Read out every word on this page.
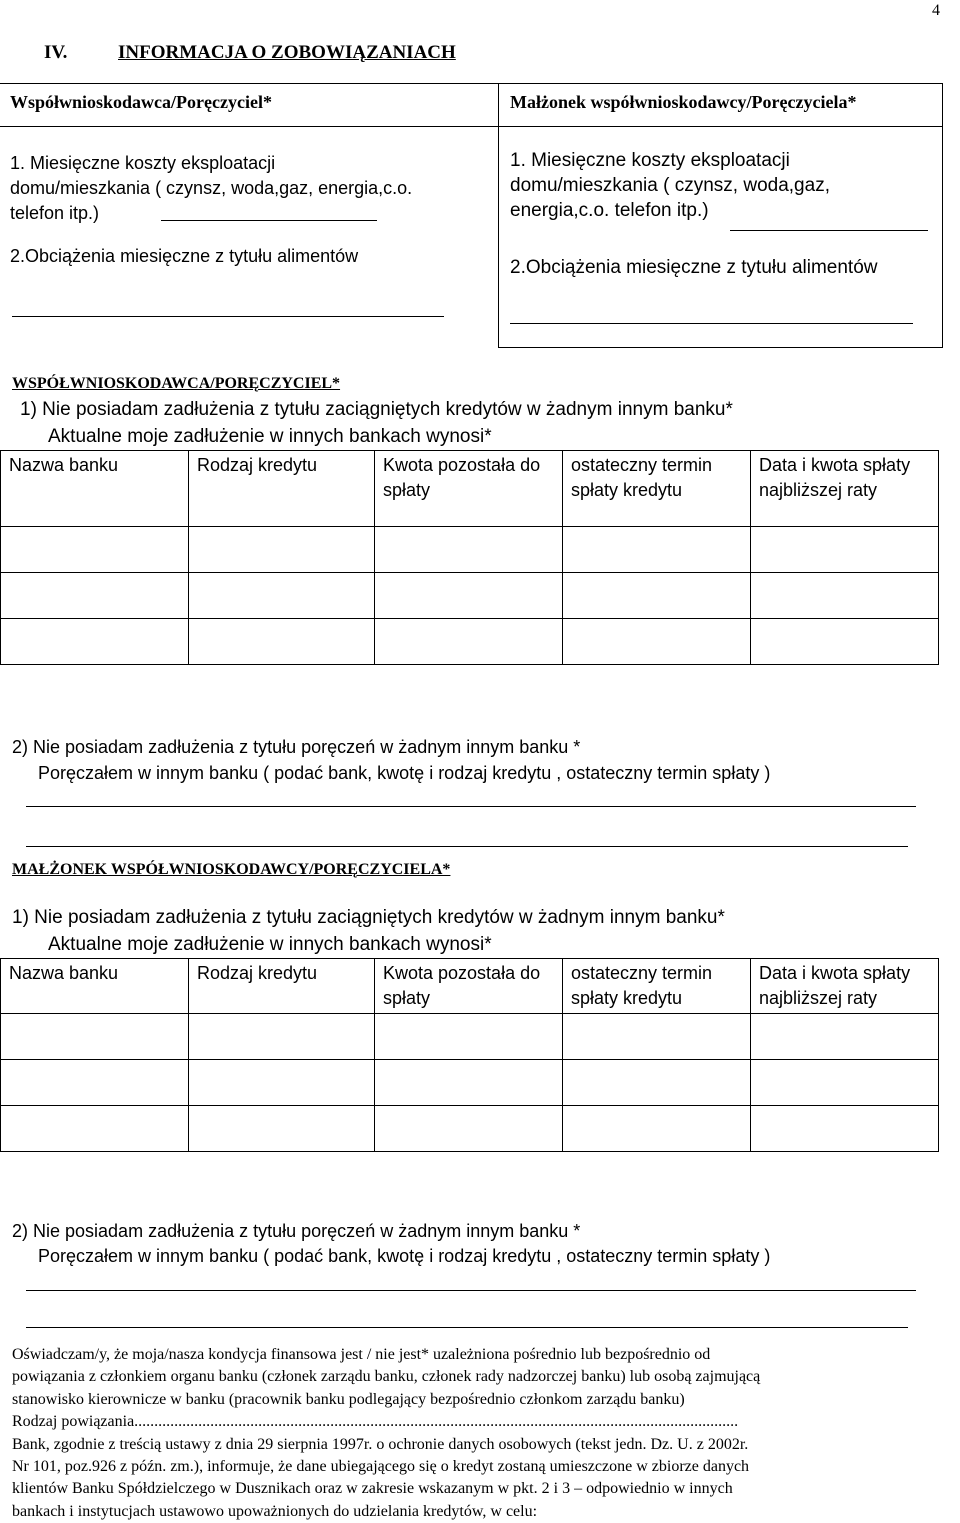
4
IV.	INFORMACJA O ZOBOWIĄZANIACH
Współwnioskodawca/Poręczyciel*	Małżonek współwnioskodawcy/Poręczyciela*
1. Miesięczne koszty eksploatacji
domu/mieszkania ( czynsz, woda,gaz, energia,c.o.
telefon itp.)
2.Obciążenia miesięczne z tytułu alimentów
1. Miesięczne koszty eksploatacji
domu/mieszkania ( czynsz, woda,gaz,
energia,c.o. telefon itp.)
2.Obciążenia miesięczne z tytułu alimentów
WSPÓŁWNIOSKODAWCA/PORĘCZYCIEL*
1) Nie posiadam zadłużenia z tytułu zaciągniętych kredytów w żadnym innym banku*
Aktualne moje zadłużenie w innych bankach wynosi*
Nazwa banku	Rodzaj kredytu	Kwota pozostała do spłaty	ostateczny termin spłaty kredytu	Data i kwota spłaty najbliższej raty

2) Nie posiadam zadłużenia z tytułu poręczeń w żadnym innym banku *
Poręczałem w innym banku ( podać bank, kwotę i rodzaj kredytu , ostateczny termin spłaty )
MAŁŻONEK WSPÓŁWNIOSKODAWCY/PORĘCZYCIELA*
1) Nie posiadam zadłużenia z tytułu zaciągniętych kredytów w żadnym innym banku*
Aktualne moje zadłużenie w innych bankach wynosi*
Nazwa banku	Rodzaj kredytu	Kwota pozostała do spłaty	ostateczny termin spłaty kredytu	Data i kwota spłaty najbliższej raty

2) Nie posiadam zadłużenia z tytułu poręczeń w żadnym innym banku *
Poręczałem w innym banku ( podać bank, kwotę i rodzaj kredytu , ostateczny termin spłaty )
Oświadczam/y, że moja/nasza kondycja finansowa jest / nie jest* uzależniona pośrednio lub bezpośrednio od
powiązania z członkiem organu banku (członek zarządu banku, członek rady nadzorczej banku) lub osobą zajmującą
stanowisko kierownicze w banku (pracownik banku podlegający bezpośrednio członkom zarządu banku)
Rodzaj powiązania.......................................................................................................................................................
Bank, zgodnie z treścią ustawy z dnia 29 sierpnia 1997r. o ochronie danych osobowych (tekst jedn. Dz. U. z 2002r.
Nr 101, poz.926 z późn. zm.), informuje, że dane ubiegającego się o kredyt zostaną umieszczone w zbiorze danych
klientów Banku Spółdzielczego w Dusznikach oraz w zakresie wskazanym w pkt. 2 i 3 – odpowiednio w innych
bankach i instytucjach ustawowo upoważnionych do udzielania kredytów, w celu:
